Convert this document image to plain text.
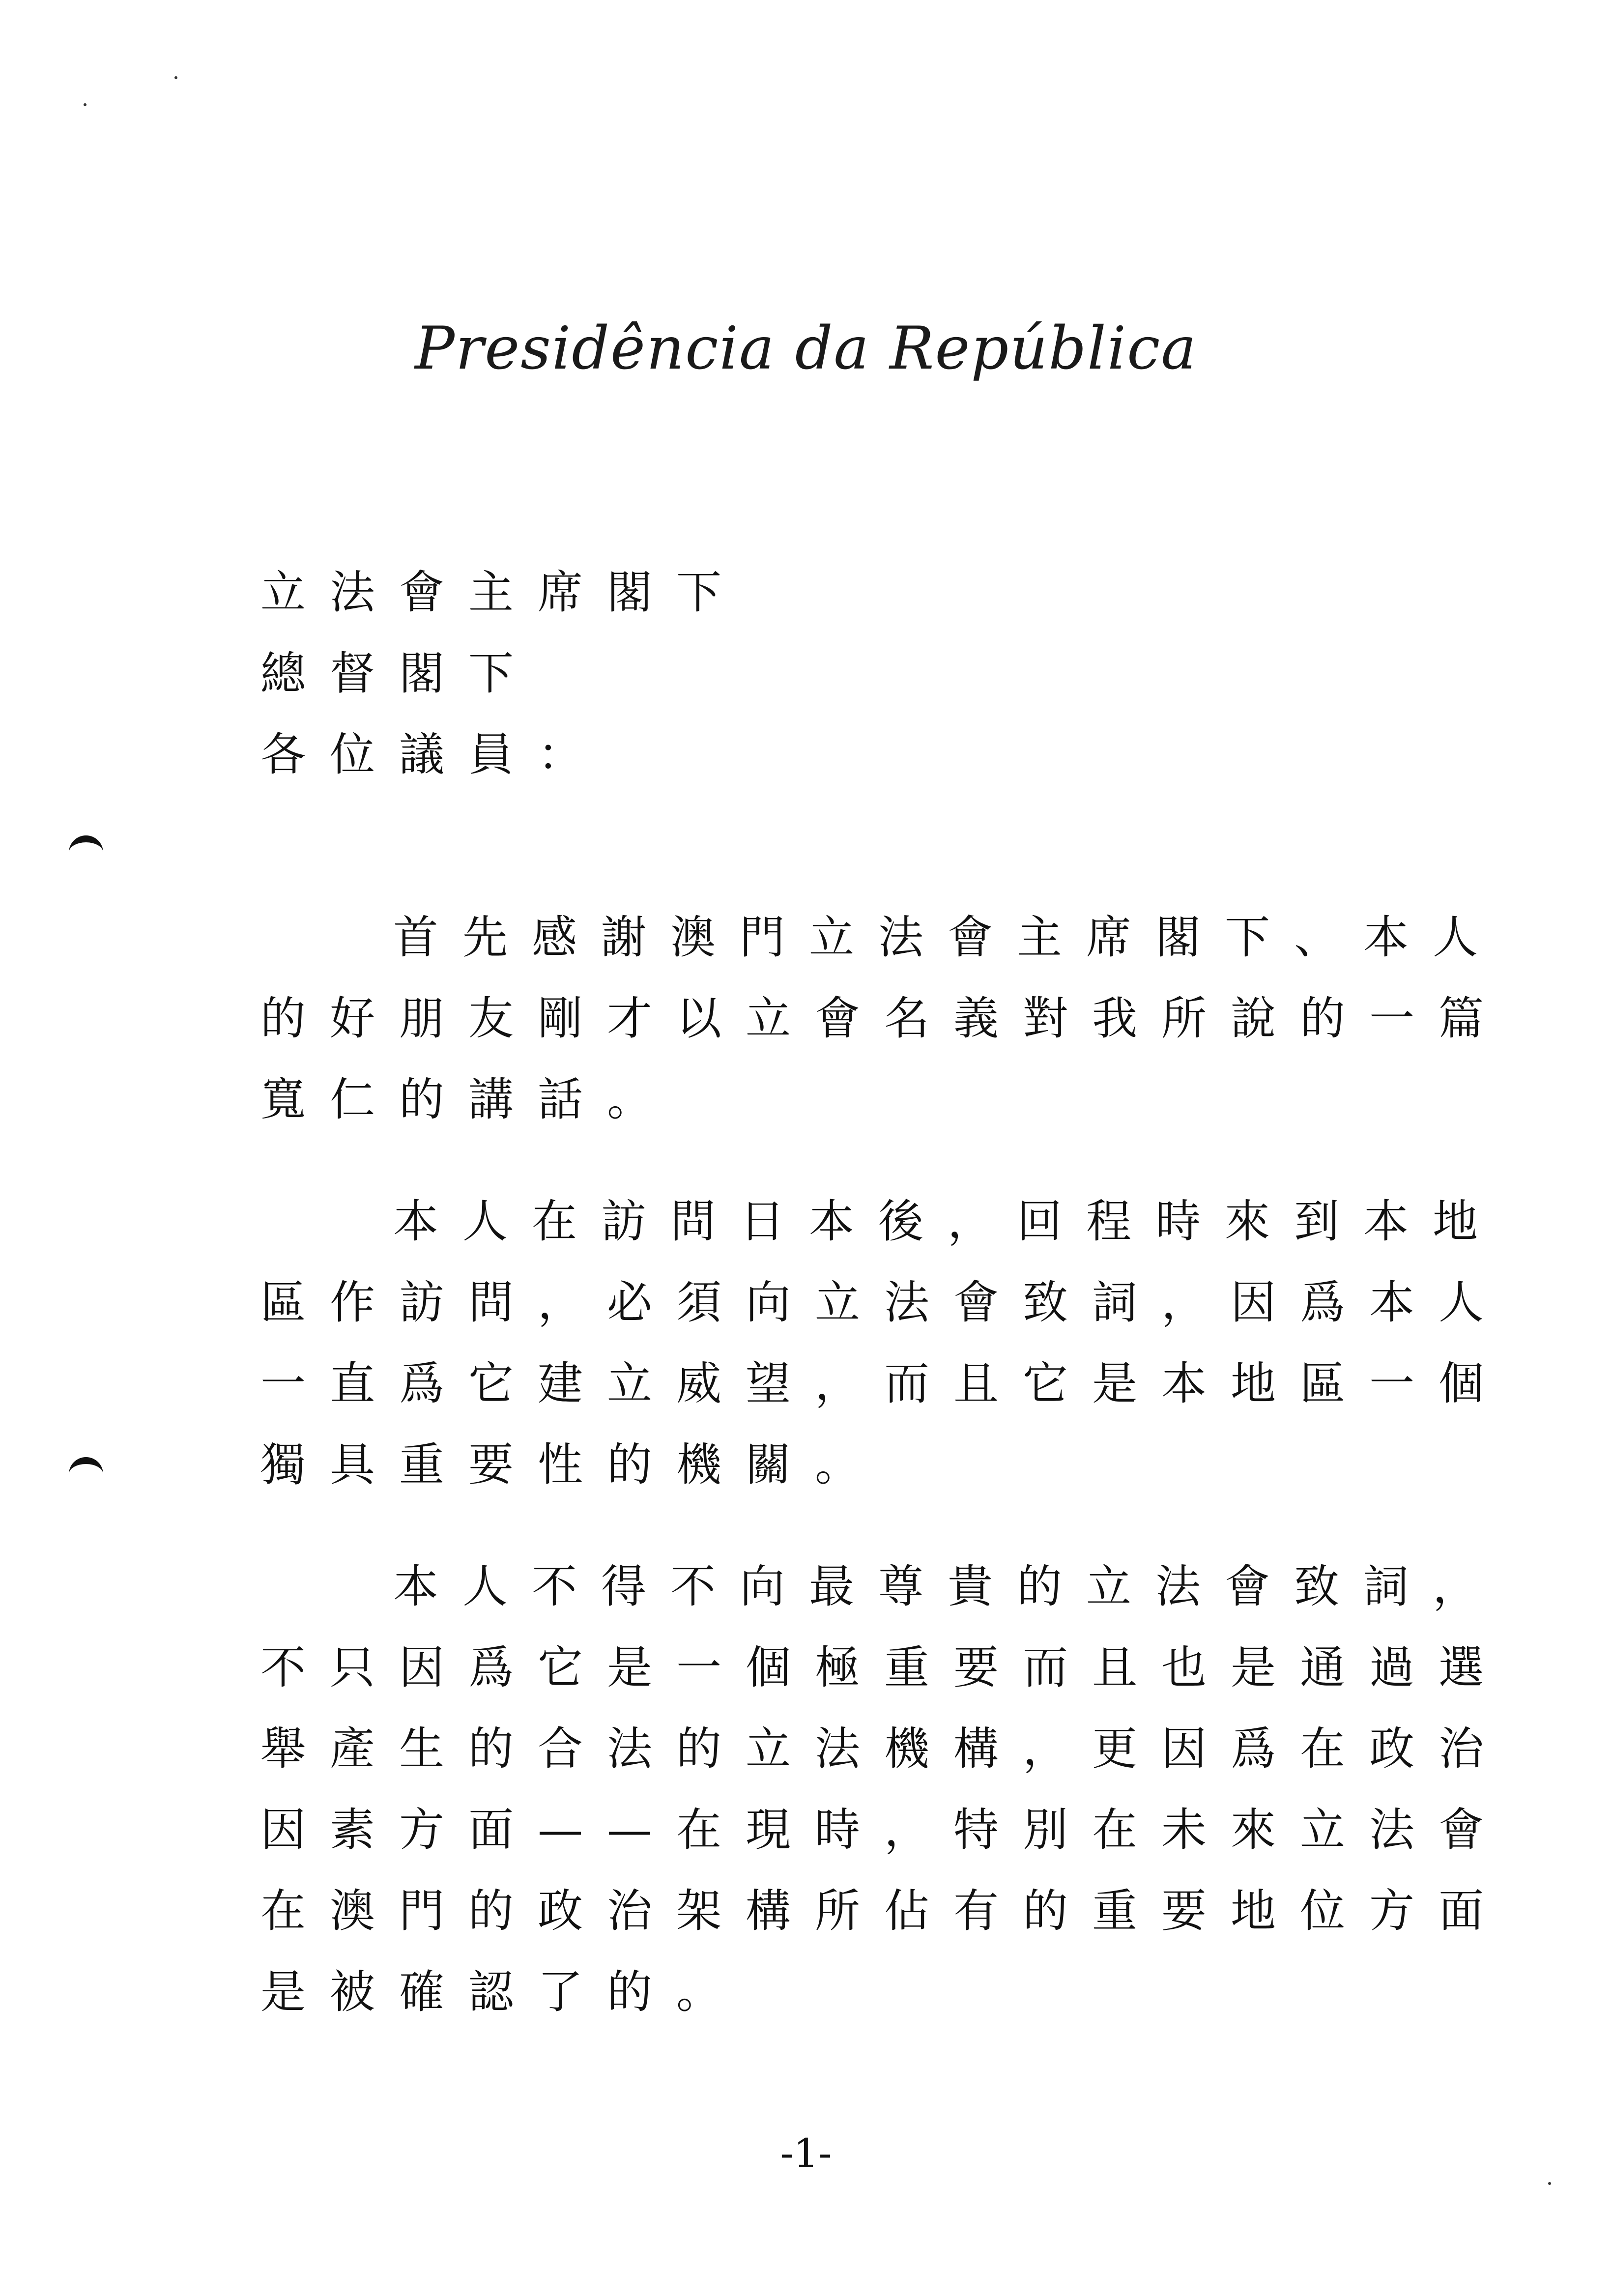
Presidência da República
立法會主席閣下
總督閣下
各位議員：
首先感謝澳門立法會主席閣下、本人
的好朋友剛才以立會名義對我所說的一篇
寬仁的講話。
本人在訪問日本後，回程時來到本地
區作訪問，必須向立法會致詞，因爲本人
一直爲它建立威望，而且它是本地區一個
獨具重要性的機關。
本人不得不向最尊貴的立法會致詞，
不只因爲它是一個極重要而且也是通過選
舉產生的合法的立法機構，更因爲在政治
因素方面——在現時，特別在未來立法會
在澳門的政治架構所佔有的重要地位方面
是被確認了的。
-1-
